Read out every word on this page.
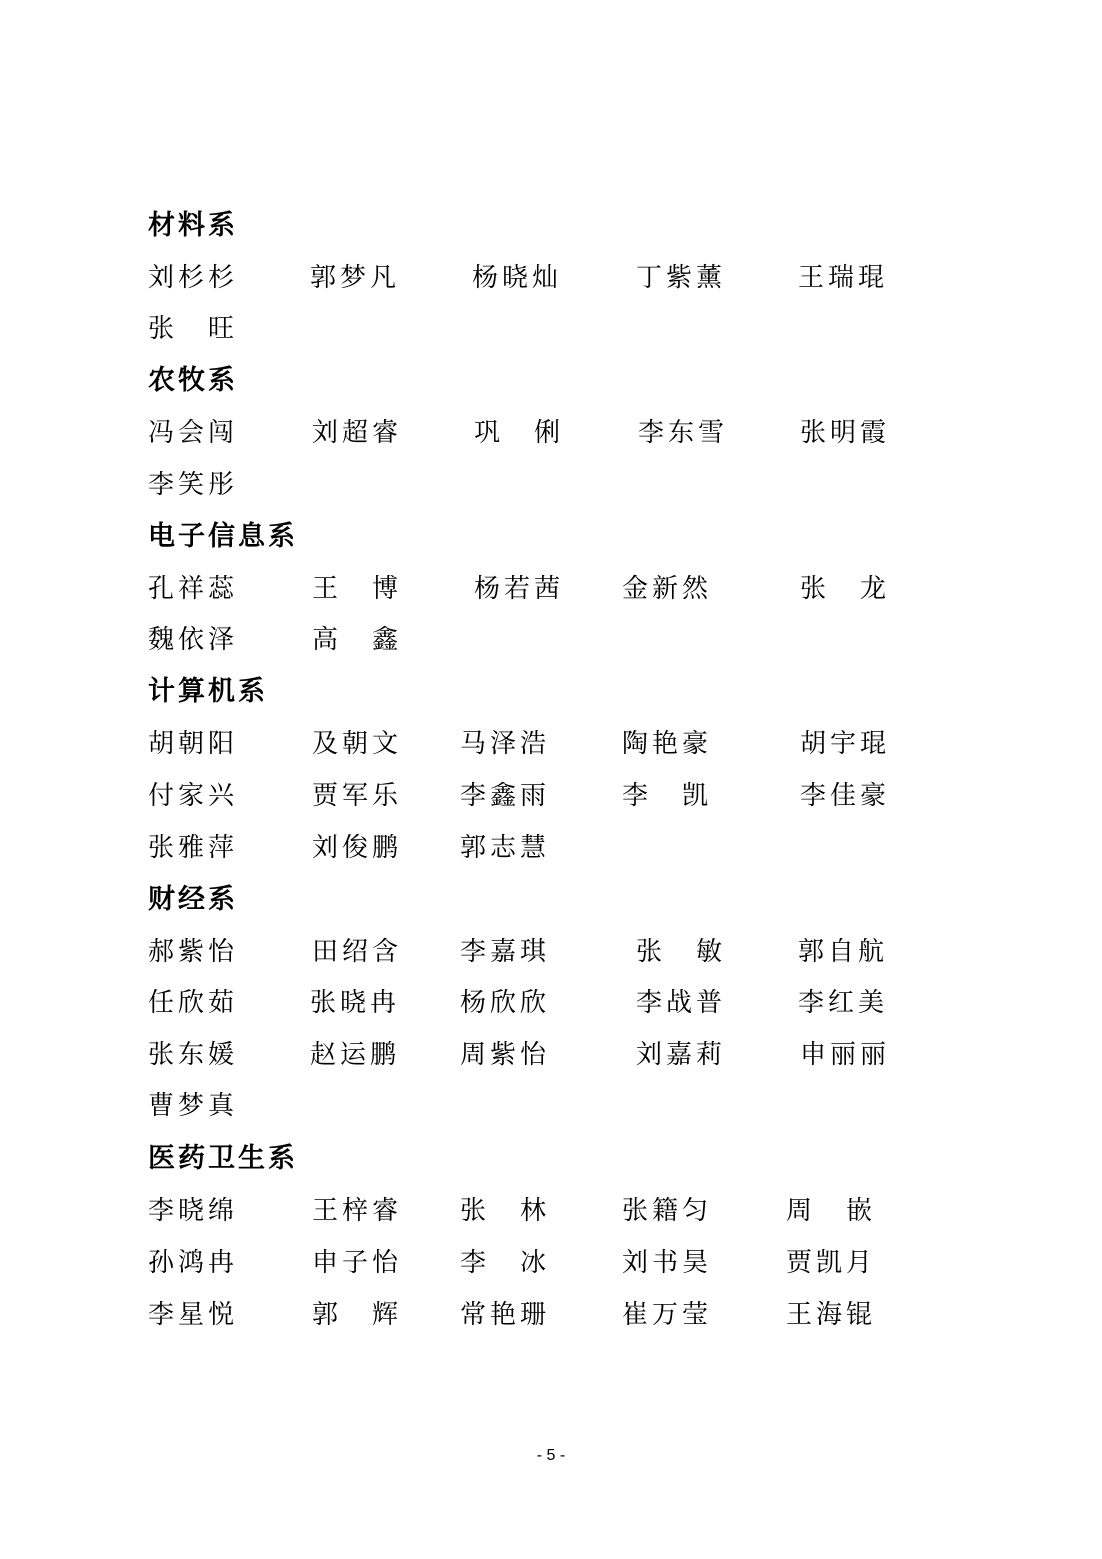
材料系
刘杉杉	郭梦凡	杨晓灿	丁紫薰	王瑞琨
张　旺
农牧系
冯会闯	刘超睿	巩　俐	李东雪	张明霞
李笑彤
电子信息系
孔祥蕊	王　博	杨若茜 金新然	张　龙
魏依泽	高　鑫
计算机系
胡朝阳	及朝文 马泽浩	陶艳豪	胡宇琨
付家兴	贾军乐 李鑫雨	李　凯	李佳豪
张雅萍	刘俊鹏 郭志慧
财经系
郝紫怡	田绍含 李嘉琪	张　敏	郭自航
任欣茹	张晓冉 杨欣欣	李战普	李红美
张东媛	赵运鹏 周紫怡	刘嘉莉	申丽丽
曹梦真
医药卫生系
李晓绵	王梓睿 张　林	张籍匀	周　嵌
孙鸿冉	申子怡 李　冰	刘书昊	贾凯月
李星悦	郭　辉 常艳珊	崔万莹	王海锟
- 5 -
